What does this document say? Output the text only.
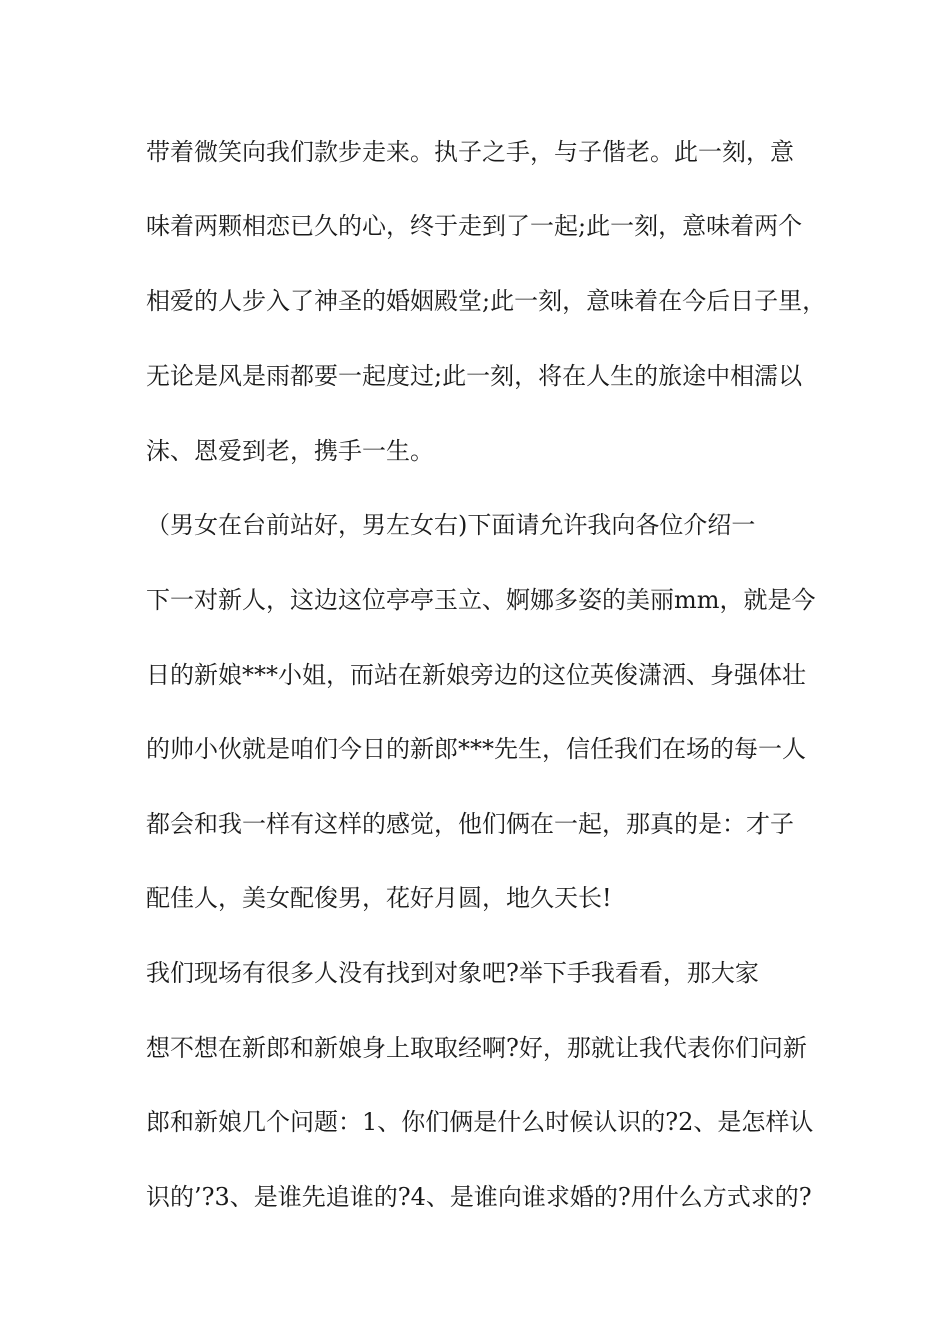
带着微笑向我们款步走来。执子之手，与子偕老。此一刻，意
味着两颗相恋已久的心，终于走到了一起;此一刻，意味着两个
相爱的人步入了神圣的婚姻殿堂;此一刻，意味着在今后日子里，
无论是风是雨都要一起度过;此一刻，将在人生的旅途中相濡以
沫、恩爱到老，携手一生。
（男女在台前站好，男左女右)下面请允许我向各位介绍一
下一对新人，这边这位亭亭玉立、婀娜多姿的美丽mm，就是今
日的新娘***小姐，而站在新娘旁边的这位英俊潇洒、身强体壮
的帅小伙就是咱们今日的新郎***先生，信任我们在场的每一人
都会和我一样有这样的感觉，他们俩在一起，那真的是：才子
配佳人，美女配俊男，花好月圆，地久天长!
我们现场有很多人没有找到对象吧?举下手我看看，那大家
想不想在新郎和新娘身上取取经啊?好，那就让我代表你们问新
郎和新娘几个问题：1、你们俩是什么时候认识的?2、是怎样认
识的’?3、是谁先追谁的?4、是谁向谁求婚的?用什么方式求的?
